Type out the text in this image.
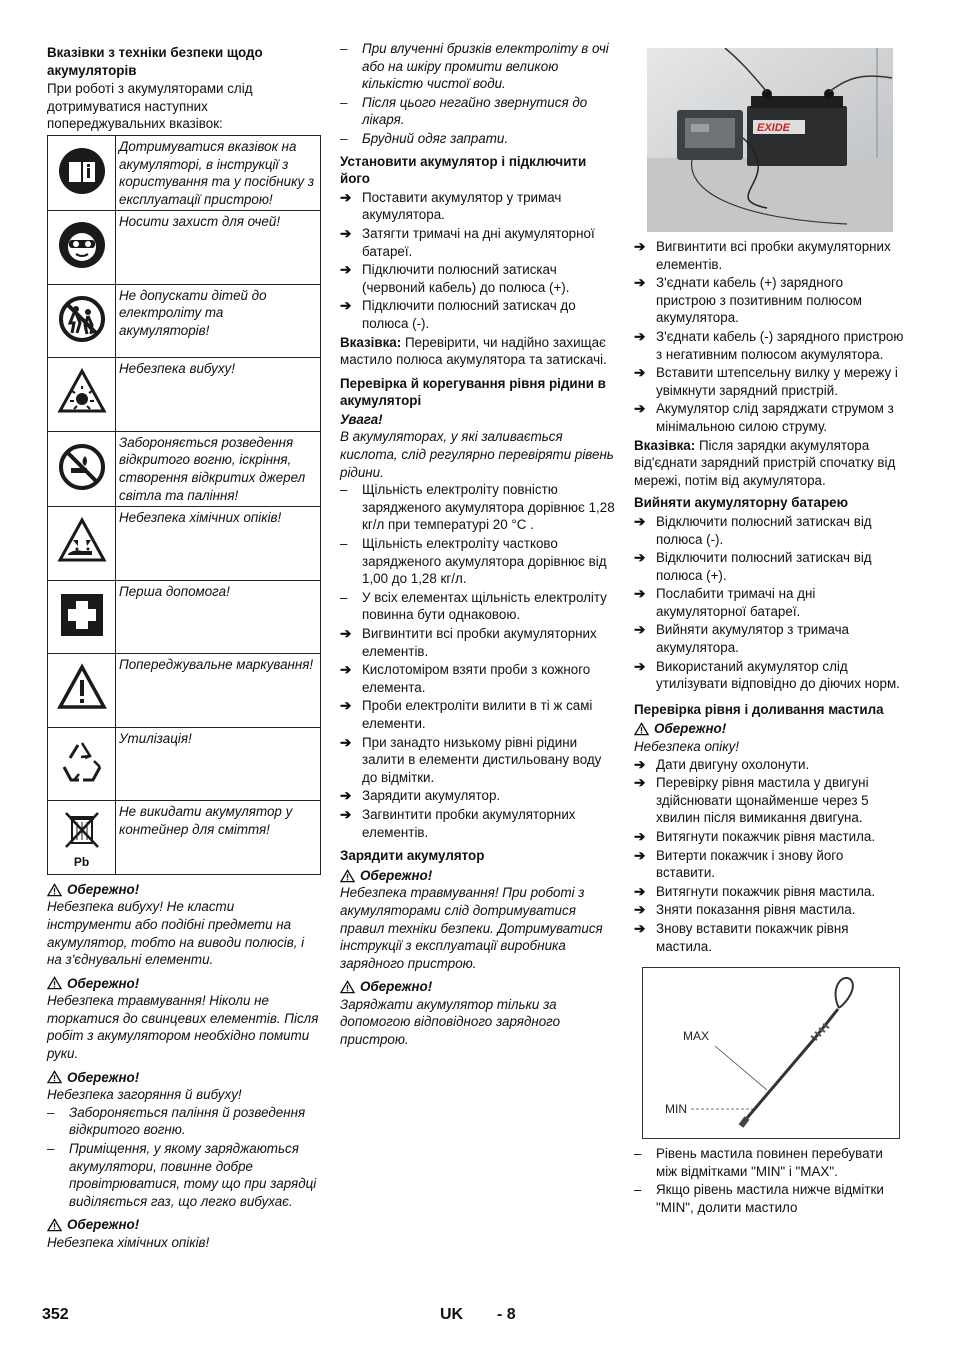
Вказівки з техніки безпеки щодо акумуляторів
При роботі з акумуляторами слід дотримуватися наступних попереджувальних вказівок:
	Дотримуватися вказівок на акумуляторі, в інструкції з користування та у посібнику з експлуатації пристрою!

	Носити захист для очей!

	Не допускати дітей до електроліту та акумуляторів!

	Небезпека вибуху!

	Забороняється розведення відкритого вогню, іскріння, створення відкритих джерел світла та паління!

	Небезпека хімічних опіків!

	Перша допомога!

	Попереджувальне маркування!

	Утилізація!

Pb	Не викидати акумулятор у контейнер для сміття!
Обережно!
Небезпека вибуху! Не класти інструменти або подібні предмети на акумулятор, тобто на виводи полюсів, і на з'єднувальні елементи.
Обережно!
Небезпека травмування! Ніколи не торкатися до свинцевих елементів. Після робіт з акумулятором необхідно помити руки.
Обережно!
Небезпека загоряння й вибуху!
– Забороняється паління й розведення відкритого вогню.
– Приміщення, у якому заряджаються акумулятори, повинне добре провітрюватися, тому що при зарядці виділяється газ, що легко вибухає.
Обережно!
Небезпека хімічних опіків!
– При влученні бризків електроліту в очі або на шкіру промити великою кількістю чистої води.
– Після цього негайно звернутися до лікаря.
– Брудний одяг запрати.
Установити акумулятор і підключити його
➔ Поставити акумулятор у тримач акумулятора.
➔ Затягти тримачі на дні акумуляторної батареї.
➔ Підключити полюсний затискач (червоний кабель) до полюса (+).
➔ Підключити полюсний затискач до полюса (-).
Вказівка: Перевірити, чи надійно захищає мастило полюса акумулятора та затискачі.
Перевірка й корегування рівня рідини в акумуляторі
Увага!
В акумуляторах, у які заливається кислота, слід регулярно перевіряти рівень рідини.
– Щільність електроліту повністю зарядженого акумулятора дорівнює 1,28 кг/л при температурі 20 °C .
– Щільність електроліту частково зарядженого акумулятора дорівнює від 1,00 до 1,28 кг/л.
– У всіх елементах щільність електроліту повинна бути однаковою.
➔ Вигвинтити всі пробки акумуляторних елементів.
➔ Кислотоміром взяти проби з кожного елемента.
➔ Проби електроліти вилити в ті ж самі елементи.
➔ При занадто низькому рівні рідини залити в елементи дистильовану воду до відмітки.
➔ Зарядити акумулятор.
➔ Загвинтити пробки акумуляторних елементів.
Зарядити акумулятор
Обережно!
Небезпека травмування! При роботі з акумуляторами слід дотримуватися правил техніки безпеки. Дотримуватися інструкції з експлуатації виробника зарядного пристрою.
Обережно!
Заряджати акумулятор тільки за допомогою відповідного зарядного пристрою.
EXIDE
➔ Вигвинтити всі пробки акумуляторних елементів.
➔ З'єднати кабель (+) зарядного пристрою з позитивним полюсом акумулятора.
➔ З'єднати кабель (-) зарядного пристрою з негативним полюсом акумулятора.
➔ Вставити штепсельну вилку у мережу і увімкнути зарядний пристрій.
➔ Акумулятор слід заряджати струмом з мінімальною силою струму.
Вказівка: Після зарядки акумулятора від'єднати зарядний пристрій спочатку від мережі, потім від акумулятора.
Вийняти акумуляторну батарею
➔ Відключити полюсний затискач від полюса (-).
➔ Відключити полюсний затискач від полюса (+).
➔ Послабити тримачі на дні акумуляторної батареї.
➔ Вийняти акумулятор з тримача акумулятора.
➔ Використаний акумулятор слід утилізувати відповідно до діючих норм.
Перевірка рівня і доливання мастила
Обережно!
Небезпека опіку!
➔ Дати двигуну охолонути.
➔ Перевірку рівня мастила у двигуні здійснювати щонайменше через 5 хвилин після вимикання двигуна.
➔ Витягнути покажчик рівня мастила.
➔ Витерти покажчик і знову його вставити.
➔ Витягнути покажчик рівня мастила.
➔ Зняти показання рівня мастила.
➔ Знову вставити покажчик рівня мастила.
MAX
MIN
– Рівень мастила повинен перебувати між відмітками "MIN" і "MAX".
– Якщо рівень мастила нижче відмітки "MIN", долити мастило
352	UK - 8
